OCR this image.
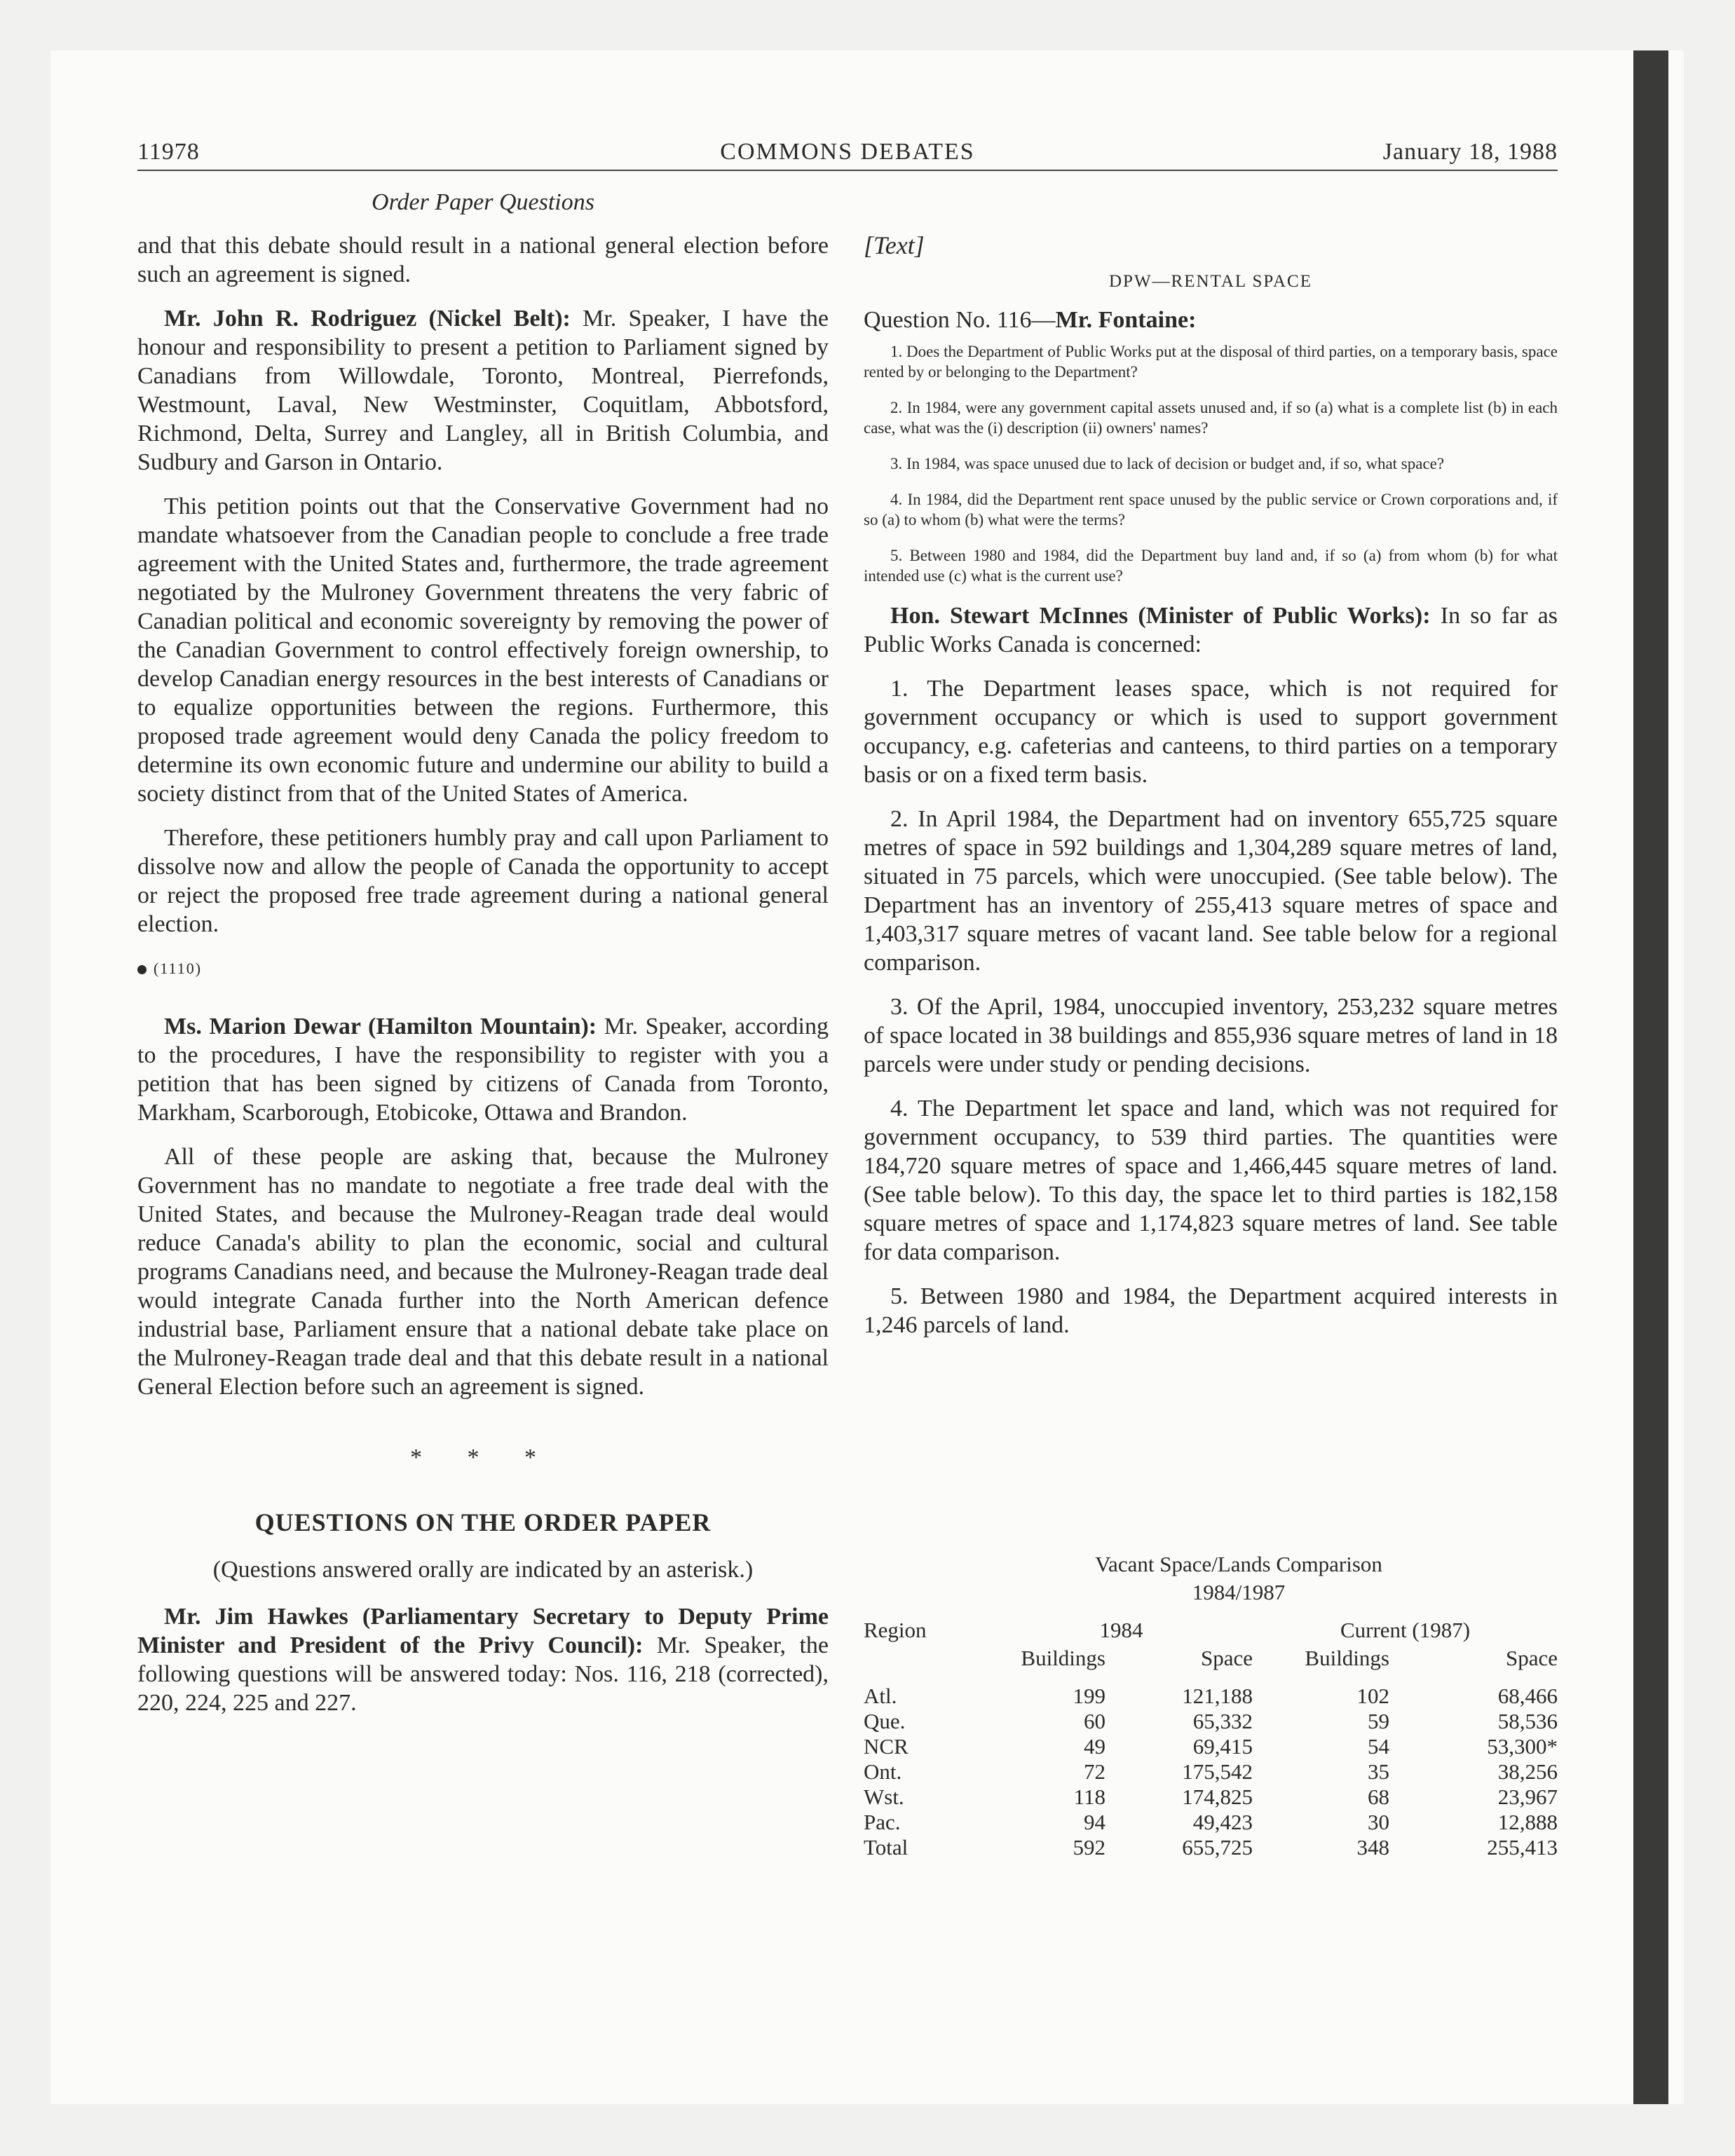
11978	COMMONS DEBATES	January 18, 1988
Order Paper Questions

and that this debate should result in a national general election before such an agreement is signed.

Mr. John R. Rodriguez (Nickel Belt): Mr. Speaker, I have the honour and responsibility to present a petition to Parliament signed by Canadians from Willowdale, Toronto, Montreal, Pierrefonds, Westmount, Laval, New Westminster, Coquitlam, Abbotsford, Richmond, Delta, Surrey and Langley, all in British Columbia, and Sudbury and Garson in Ontario.

This petition points out that the Conservative Government had no mandate whatsoever from the Canadian people to conclude a free trade agreement with the United States and, furthermore, the trade agreement negotiated by the Mulroney Government threatens the very fabric of Canadian political and economic sovereignty by removing the power of the Canadian Government to control effectively foreign ownership, to develop Canadian energy resources in the best interests of Canadians or to equalize opportunities between the regions. Furthermore, this proposed trade agreement would deny Canada the policy freedom to determine its own economic future and undermine our ability to build a society distinct from that of the United States of America.

Therefore, these petitioners humbly pray and call upon Parliament to dissolve now and allow the people of Canada the opportunity to accept or reject the proposed free trade agreement during a national general election.

(1110)

Ms. Marion Dewar (Hamilton Mountain): Mr. Speaker, according to the procedures, I have the responsibility to register with you a petition that has been signed by citizens of Canada from Toronto, Markham, Scarborough, Etobicoke, Ottawa and Brandon.

All of these people are asking that, because the Mulroney Government has no mandate to negotiate a free trade deal with the United States, and because the Mulroney-Reagan trade deal would reduce Canada's ability to plan the economic, social and cultural programs Canadians need, and because the Mulroney-Reagan trade deal would integrate Canada further into the North American defence industrial base, Parliament ensure that a national debate take place on the Mulroney-Reagan trade deal and that this debate result in a national General Election before such an agreement is signed.

* * *
QUESTIONS ON THE ORDER PAPER
(Questions answered orally are indicated by an asterisk.)

Mr. Jim Hawkes (Parliamentary Secretary to Deputy Prime Minister and President of the Privy Council): Mr. Speaker, the following questions will be answered today: Nos. 116, 218 (corrected), 220, 224, 225 and 227.

[Text]
DPW—RENTAL SPACE
Question No. 116—Mr. Fontaine:

1. Does the Department of Public Works put at the disposal of third parties, on a temporary basis, space rented by or belonging to the Department?

2. In 1984, were any government capital assets unused and, if so (a) what is a complete list (b) in each case, what was the (i) description (ii) owners' names?

3. In 1984, was space unused due to lack of decision or budget and, if so, what space?

4. In 1984, did the Department rent space unused by the public service or Crown corporations and, if so (a) to whom (b) what were the terms?

5. Between 1980 and 1984, did the Department buy land and, if so (a) from whom (b) for what intended use (c) what is the current use?

Hon. Stewart McInnes (Minister of Public Works): In so far as Public Works Canada is concerned:

1. The Department leases space, which is not required for government occupancy or which is used to support government occupancy, e.g. cafeterias and canteens, to third parties on a temporary basis or on a fixed term basis.

2. In April 1984, the Department had on inventory 655,725 square metres of space in 592 buildings and 1,304,289 square metres of land, situated in 75 parcels, which were unoccupied. (See table below). The Department has an inventory of 255,413 square metres of space and 1,403,317 square metres of vacant land. See table below for a regional comparison.

3. Of the April, 1984, unoccupied inventory, 253,232 square metres of space located in 38 buildings and 855,936 square metres of land in 18 parcels were under study or pending decisions.

4. The Department let space and land, which was not required for government occupancy, to 539 third parties. The quantities were 184,720 square metres of space and 1,466,445 square metres of land. (See table below). To this day, the space let to third parties is 182,158 square metres of space and 1,174,823 square metres of land. See table for data comparison.

5. Between 1980 and 1984, the Department acquired interests in 1,246 parcels of land.

Vacant Space/Lands Comparison
1984/1987
Region	1984		Current (1987)	
	Buildings	Space	Buildings	Space

Atl.	199	121,188	102	68,466
Que.	60	65,332	59	58,536
NCR	49	69,415	54	53,300*
Ont.	72	175,542	35	38,256
Wst.	118	174,825	68	23,967
Pac.	94	49,423	30	12,888
Total	592	655,725	348	255,413
